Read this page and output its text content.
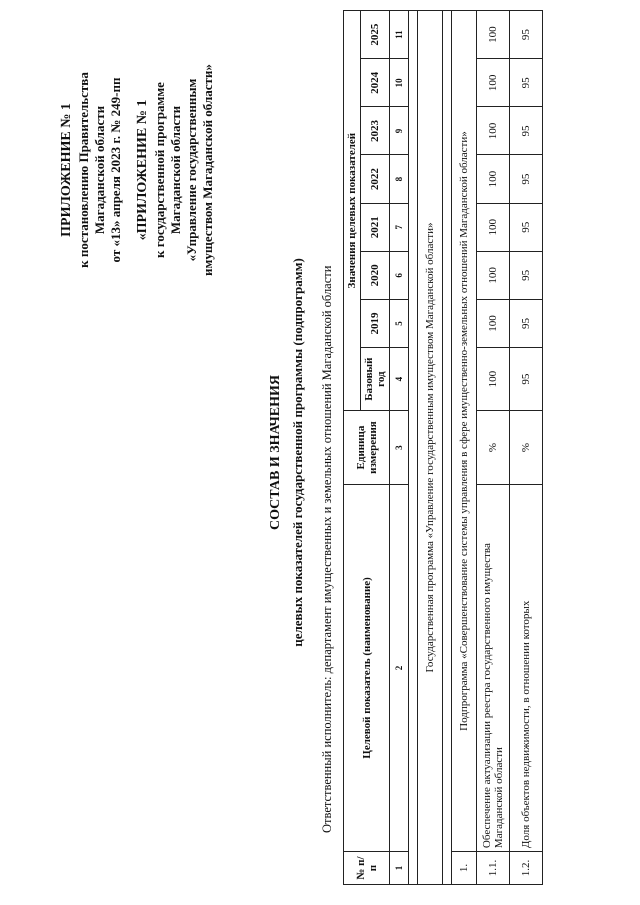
ПРИЛОЖЕНИЕ № 1 к постановлению Правительства Магаданской области от «13» апреля 2023 г. № 249-пп «ПРИЛОЖЕНИЕ № 1 к государственной программе Магаданской области «Управление государственным имуществом Магаданской области»
СОСТАВ И ЗНАЧЕНИЯ целевых показателей государственной программы (подпрограмм) Ответственный исполнитель: департамент имущественных и земельных отношений Магаданской области
№ п/п	Целевой показатель (наименование)	Единица измерения	Значения целевых показателей							
			Базовый год	2019	2020	2021	2022	2023	2024	2025
1	2	3	4	5	6	7	8	9	10	11

Государственная программа «Управление государственным имуществом Магаданской области»										

1.	Подпрограмма «Совершенствование системы управления в сфере имущественно-земельных отношений Магаданской области»									
1.1.	Обеспечение актуализации реестра государственного имущества Магаданской области	%	100	100	100	100	100	100	100	100
1.2.	Доля объектов недвижимости, в отношении которых	%	95	95	95	95	95	95	95	95
